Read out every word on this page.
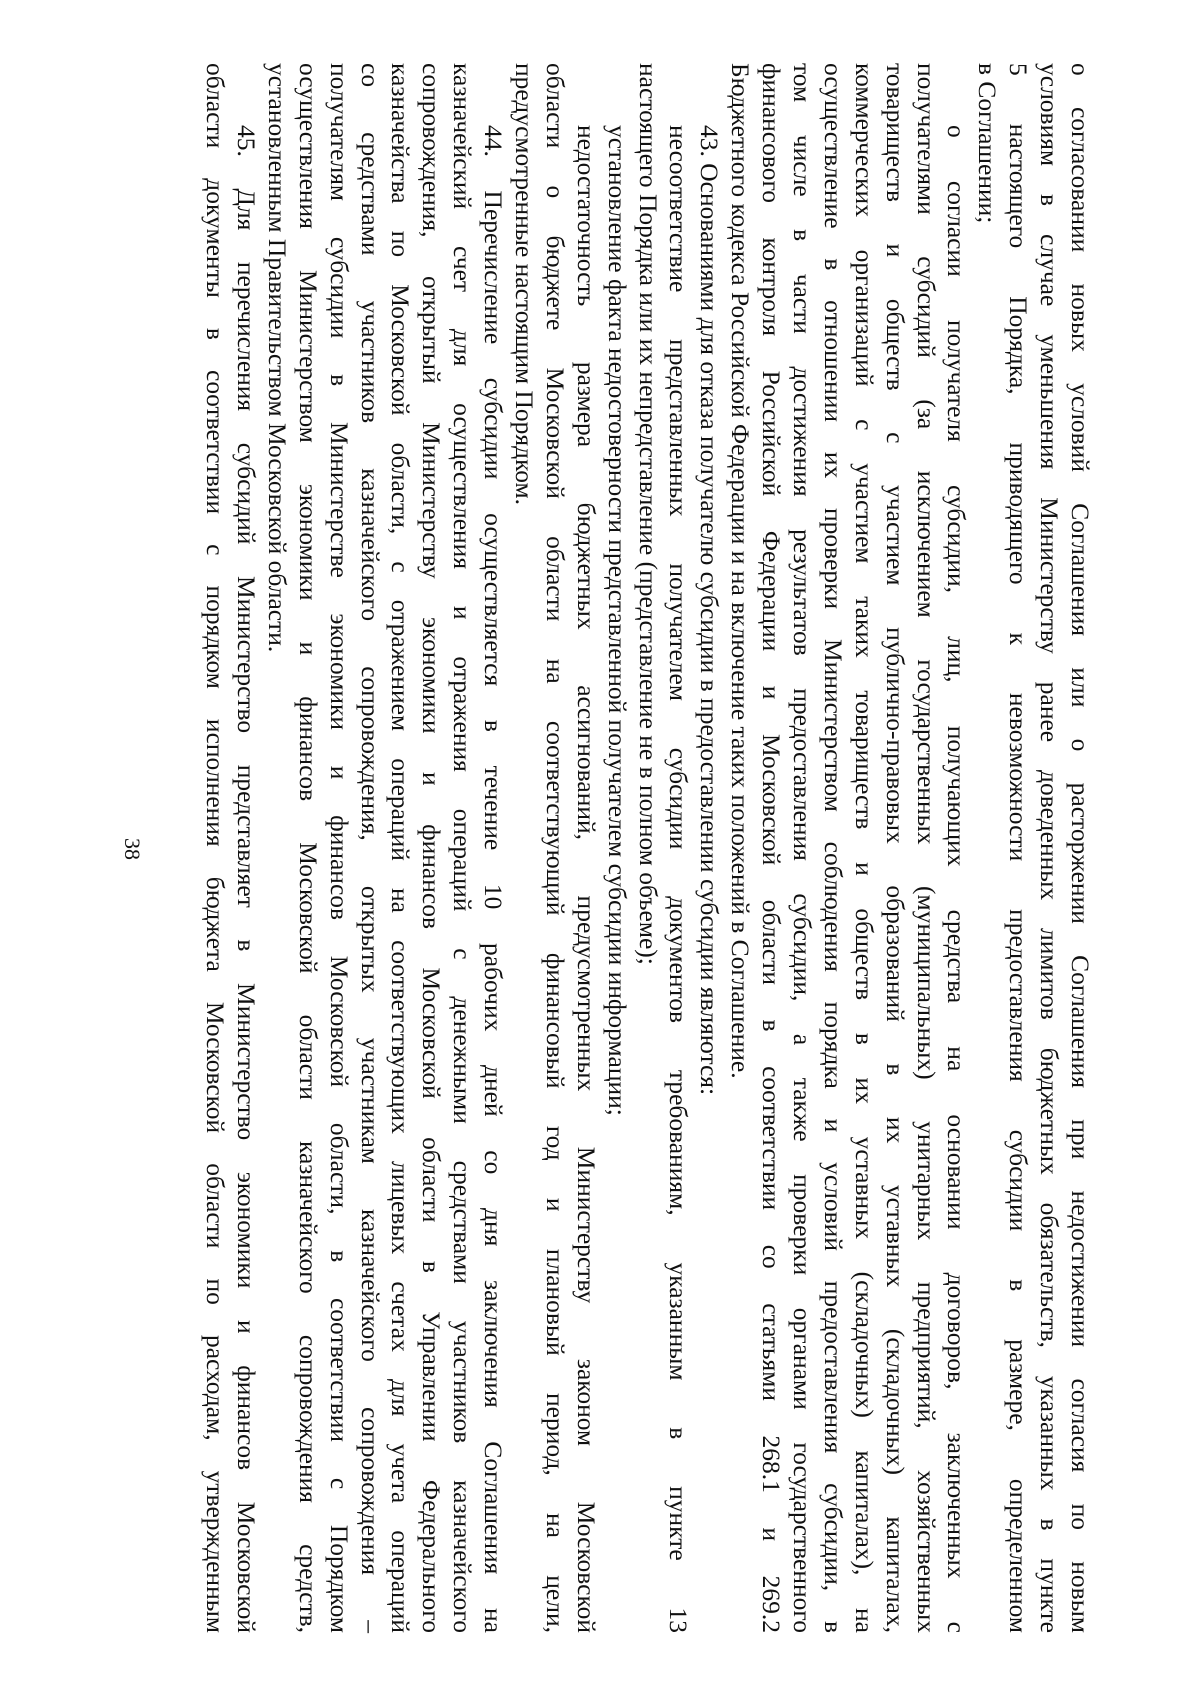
38	о согласовании новых условий Соглашения или о расторжении Соглашения при недостижении согласия по новым
условиям в случае уменьшения Министерству ранее доведенных лимитов бюджетных обязательств, указанных в пункте
5 настоящего Порядка, приводящего к невозможности предоставления субсидии в размере, определенном
в Соглашении;
о согласии получателя субсидии, лиц, получающих средства на основании договоров, заключенных с
получателями субсидий (за исключением государственных (муниципальных) унитарных предприятий, хозяйственных
товариществ и обществ с участием публично-правовых образований в их уставных (складочных) капиталах,
коммерческих организаций с участием таких товариществ и обществ в их уставных (складочных) капиталах), на
осуществление в отношении их проверки Министерством соблюдения порядка и условий предоставления субсидии, в
том числе в части достижения результатов предоставления субсидии, а также проверки органами государственного
финансового контроля Российской Федерации и Московской области в соответствии со статьями 268.1 и 269.2
Бюджетного кодекса Российской Федерации и на включение таких положений в Соглашение.
43. Основаниями для отказа получателю субсидии в предоставлении субсидии являются:
несоответствие представленных получателем субсидии документов требованиям, указанным в пункте 13
настоящего Порядка или их непредставление (представление не в полном объеме);
установление факта недостоверности представленной получателем субсидии информации;
недостаточность размера бюджетных ассигнований, предусмотренных Министерству законом Московской
области о бюджете Московской области на соответствующий финансовый год и плановый период, на цели,
предусмотренные настоящим Порядком.
44. Перечисление субсидии осуществляется в течение 10 рабочих дней со дня заключения Соглашения на
казначейский счет для осуществления и отражения операций с денежными средствами участников казначейского
сопровождения, открытый Министерству экономики и финансов Московской области в Управлении Федерального
казначейства по Московской области, с отражением операций на соответствующих лицевых счетах для учета операций
со средствами участников казначейского сопровождения, открытых участникам казначейского сопровождения –
получателям субсидии в Министерстве экономики и финансов Московской области, в соответствии с Порядком
осуществления Министерством экономики и финансов Московской области казначейского сопровождения средств,
установленным Правительством Московской области.
45. Для перечисления субсидий Министерство представляет в Министерство экономики и финансов Московской
области документы в соответствии с порядком исполнения бюджета Московской области по расходам, утвержденным
